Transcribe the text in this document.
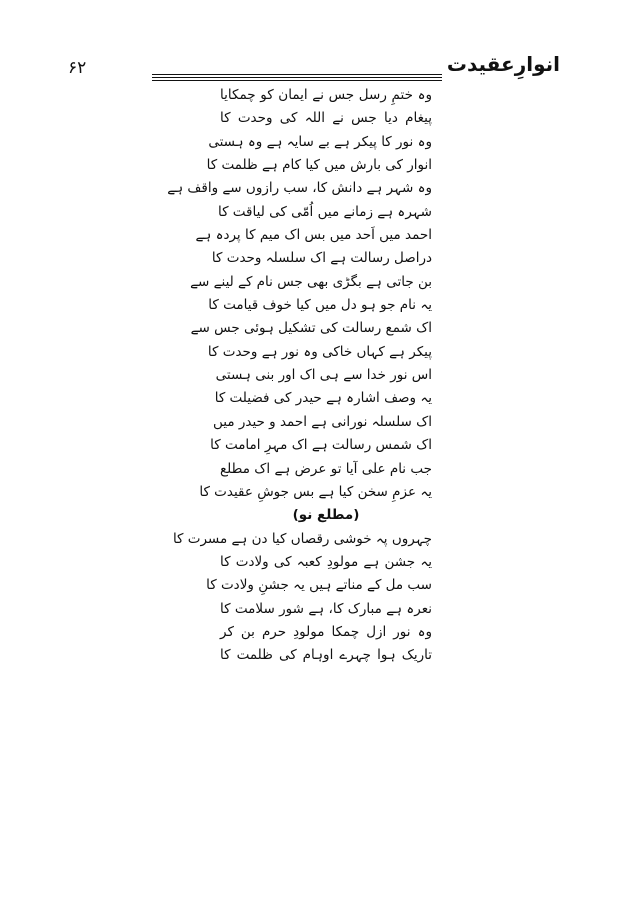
۶۲	انوارِعقیدت
وہ ختمِ رسل جس نے ایمان کو چمکایا
پیغام دیا جس نے اللہ کی وحدت کا
وہ نور کا پیکر ہے بے سایہ ہے وہ ہستی
انوار کی بارش میں کیا کام ہے ظلمت کا
وہ شہر ہے دانش کا، سب رازوں سے واقف ہے
شہرہ ہے زمانے میں اُمّی کی لیاقت کا
احمد میں اَحد میں بس اک میم کا پردہ ہے
دراصل رسالت ہے اک سلسلہ وحدت کا
بن جاتی ہے بگڑی بھی جس نام کے لینے سے
یہ نام جو ہو دل میں کیا خوف قیامت کا
اک شمع رسالت کی تشکیل ہوئی جس سے
پیکر ہے کہاں خاکی وہ نور ہے وحدت کا
اس نور خدا سے ہی اک اور بنی ہستی
یہ وصف اشارہ ہے حیدر کی فضیلت کا
اک سلسلہ نورانی ہے احمد و حیدر میں
اک شمس رسالت ہے اک مہرِ امامت کا
جب نام علی آیا تو عرض ہے اک مطلع
یہ عزمِ سخن کیا ہے بس جوشِ عقیدت کا
(مطلع نو)
چہروں پہ خوشی رقصاں کیا دن ہے مسرت کا
یہ جشن ہے مولودِ کعبہ کی ولادت کا
سب مل کے مناتے ہیں یہ جشنِ ولادت کا
نعرہ ہے مبارک کا، ہے شور سلامت کا
وہ نور ازل چمکا مولودِ حرم بن کر
تاریک ہوا چہرے اوہام کی ظلمت کا
